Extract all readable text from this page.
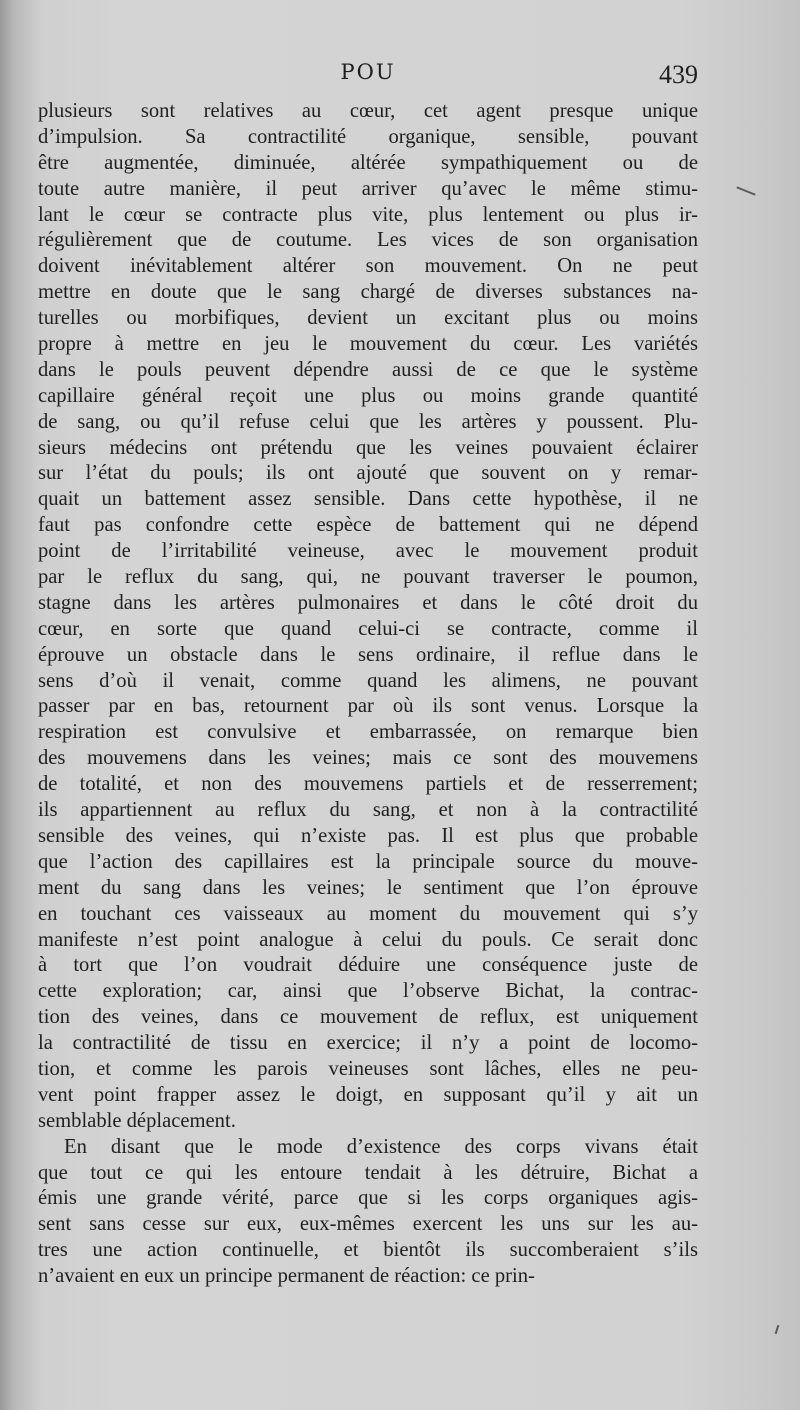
POU	439
plusieurs sont relatives au cœur, cet agent presque unique
d’impulsion. Sa contractilité organique, sensible, pouvant
être augmentée, diminuée, altérée sympathiquement ou de
toute autre manière, il peut arriver qu’avec le même stimu-
lant le cœur se contracte plus vite, plus lentement ou plus ir-
régulièrement que de coutume. Les vices de son organisation
doivent inévitablement altérer son mouvement. On ne peut
mettre en doute que le sang chargé de diverses substances na-
turelles ou morbifiques, devient un excitant plus ou moins
propre à mettre en jeu le mouvement du cœur. Les variétés
dans le pouls peuvent dépendre aussi de ce que le système
capillaire général reçoit une plus ou moins grande quantité
de sang, ou qu’il refuse celui que les artères y poussent. Plu-
sieurs médecins ont prétendu que les veines pouvaient éclairer
sur l’état du pouls; ils ont ajouté que souvent on y remar-
quait un battement assez sensible. Dans cette hypothèse, il ne
faut pas confondre cette espèce de battement qui ne dépend
point de l’irritabilité veineuse, avec le mouvement produit
par le reflux du sang, qui, ne pouvant traverser le poumon,
stagne dans les artères pulmonaires et dans le côté droit du
cœur, en sorte que quand celui-ci se contracte, comme il
éprouve un obstacle dans le sens ordinaire, il reflue dans le
sens d’où il venait, comme quand les alimens, ne pouvant
passer par en bas, retournent par où ils sont venus. Lorsque la
respiration est convulsive et embarrassée, on remarque bien
des mouvemens dans les veines; mais ce sont des mouvemens
de totalité, et non des mouvemens partiels et de resserrement;
ils appartiennent au reflux du sang, et non à la contractilité
sensible des veines, qui n’existe pas. Il est plus que probable
que l’action des capillaires est la principale source du mouve-
ment du sang dans les veines; le sentiment que l’on éprouve
en touchant ces vaisseaux au moment du mouvement qui s’y
manifeste n’est point analogue à celui du pouls. Ce serait donc
à tort que l’on voudrait déduire une conséquence juste de
cette exploration; car, ainsi que l’observe Bichat, la contrac-
tion des veines, dans ce mouvement de reflux, est uniquement
la contractilité de tissu en exercice; il n’y a point de locomo-
tion, et comme les parois veineuses sont lâches, elles ne peu-
vent point frapper assez le doigt, en supposant qu’il y ait un
semblable déplacement.
En disant que le mode d’existence des corps vivans était
que tout ce qui les entoure tendait à les détruire, Bichat a
émis une grande vérité, parce que si les corps organiques agis-
sent sans cesse sur eux, eux-mêmes exercent les uns sur les au-
tres une action continuelle, et bientôt ils succomberaient s’ils
n’avaient en eux un principe permanent de réaction: ce prin-
